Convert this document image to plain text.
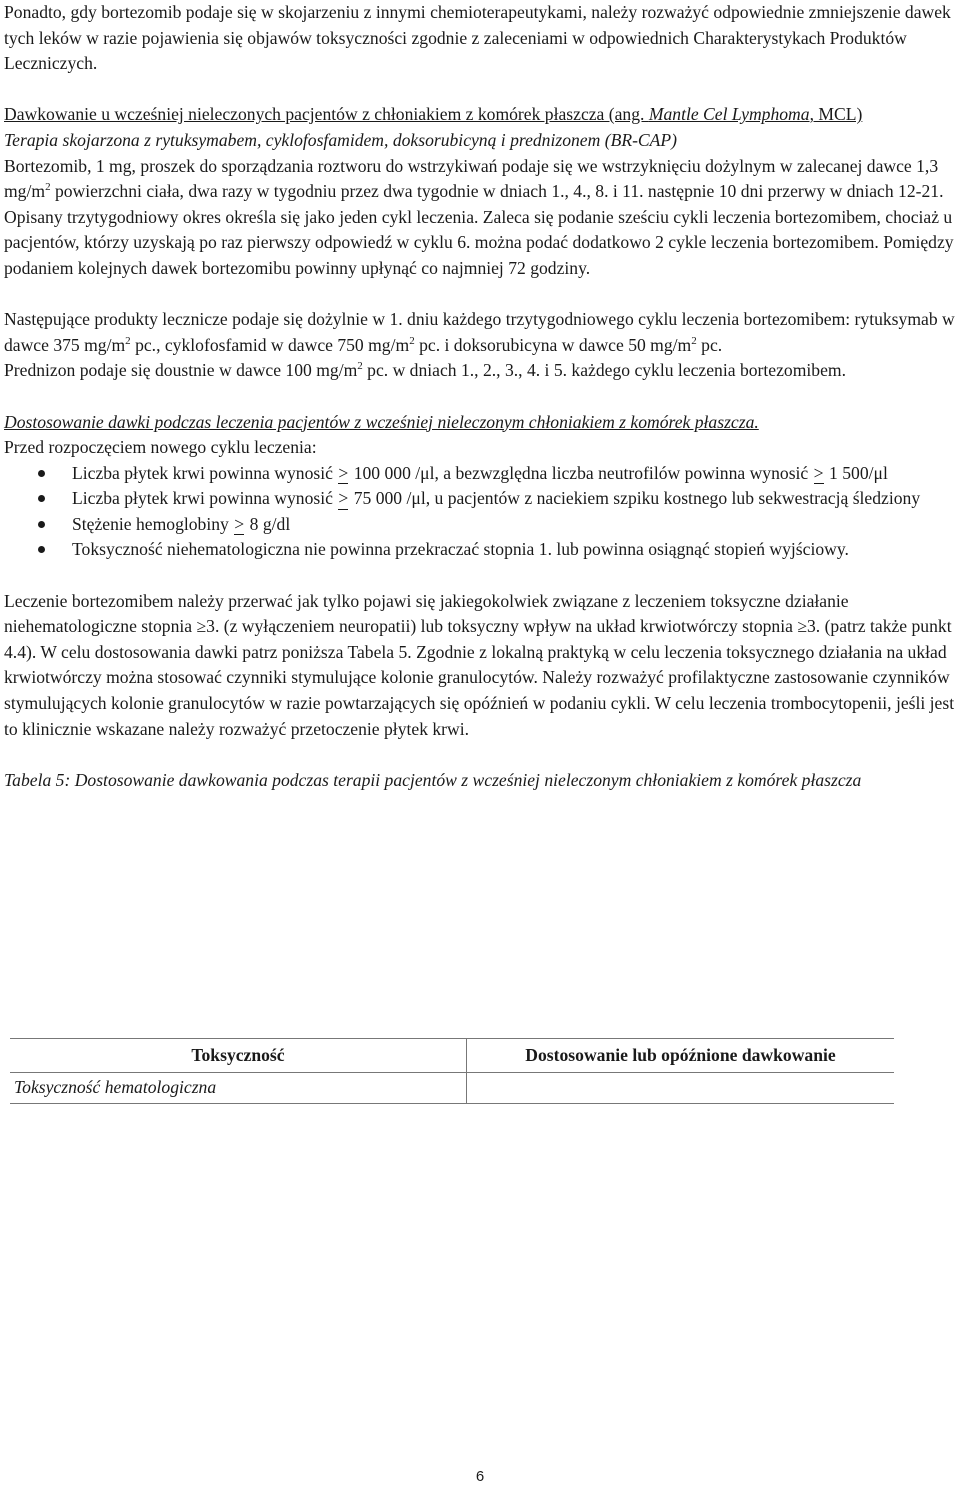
Ponadto, gdy bortezomib podaje się w skojarzeniu z innymi chemioterapeutykami, należy rozważyć odpowiednie zmniejszenie dawek tych leków w razie pojawienia się objawów toksyczności zgodnie z zaleceniami w odpowiednich Charakterystykach Produktów Leczniczych.

Dawkowanie u wcześniej nieleczonych pacjentów z chłoniakiem z komórek płaszcza (ang. Mantle Cel Lymphoma, MCL)

Terapia skojarzona z rytuksymabem, cyklofosfamidem, doksorubicyną i prednizonem (BR-CAP)

Bortezomib, 1 mg, proszek do sporządzania roztworu do wstrzykiwań podaje się we wstrzyknięciu dożylnym w zalecanej dawce 1,3 $mg/m^2$ powierzchni ciała, dwa razy w tygodniu przez dwa tygodnie w dniach 1., 4., 8. i 11. następnie 10 dni przerwy w dniach 12-21. Opisany trzytygodniowy okres określa się jako jeden cykl leczenia. Zaleca się podanie sześciu cykli leczenia bortezomibem, chociaż u pacjentów, którzy uzyskają po raz pierwszy odpowiedź w cyklu 6. można podać dodatkowo 2 cykle leczenia bortezomibem. Pomiędzy podaniem kolejnych dawek bortezomibu powinny upłynąć co najmniej 72 godziny.

Następujące produkty lecznicze podaje się dożylnie w 1. dniu każdego trzytygodniowego cyklu leczenia bortezomibem: rytuksymab w dawce 375 $mg/m^2$ pc., cyklofosfamid w dawce 750 $mg/m^2$ pc. i doksorubicyna w dawce 50 $mg/m^2$ pc.

Prednizon podaje się doustnie w dawce 100 $mg/m^2$ pc. w dniach 1., 2., 3., 4. i 5. każdego cyklu leczenia bortezomibem.

Dostosowanie dawki podczas leczenia pacjentów z wcześniej nieleczonym chłoniakiem z komórek płaszcza.

Przed rozpoczęciem nowego cyklu leczenia:

Liczba płytek krwi powinna wynosić > 100 000 /μl, a bezwzględna liczba neutrofilów powinna wynosić > 1 500/μl
Liczba płytek krwi powinna wynosić > 75 000 /μl, u pacjentów z naciekiem szpiku kostnego lub sekwestracją śledziony
Stężenie hemoglobiny > 8 g/dl
Toksyczność niehematologiczna nie powinna przekraczać stopnia 1. lub powinna osiągnąć stopień wyjściowy.

Leczenie bortezomibem należy przerwać jak tylko pojawi się jakiegokolwiek związane z leczeniem toksyczne działanie niehematologiczne stopnia ≥3. (z wyłączeniem neuropatii) lub toksyczny wpływ na układ krwiotwórczy stopnia ≥3. (patrz także punkt 4.4). W celu dostosowania dawki patrz poniższa Tabela 5. Zgodnie z lokalną praktyką w celu leczenia toksycznego działania na układ krwiotwórczy można stosować czynniki stymulujące kolonie granulocytów. Należy rozważyć profilaktyczne zastosowanie czynników stymulujących kolonie granulocytów w razie powtarzających się opóźnień w podaniu cykli. W celu leczenia trombocytopenii, jeśli jest to klinicznie wskazane należy rozważyć przetoczenie płytek krwi.

Tabela 5: Dostosowanie dawkowania podczas terapii pacjentów z wcześniej nieleczonym chłoniakiem z komórek płaszcza

Toksyczność	Dostosowanie lub opóźnione dawkowanie
Toksyczność hematologiczna	
6
